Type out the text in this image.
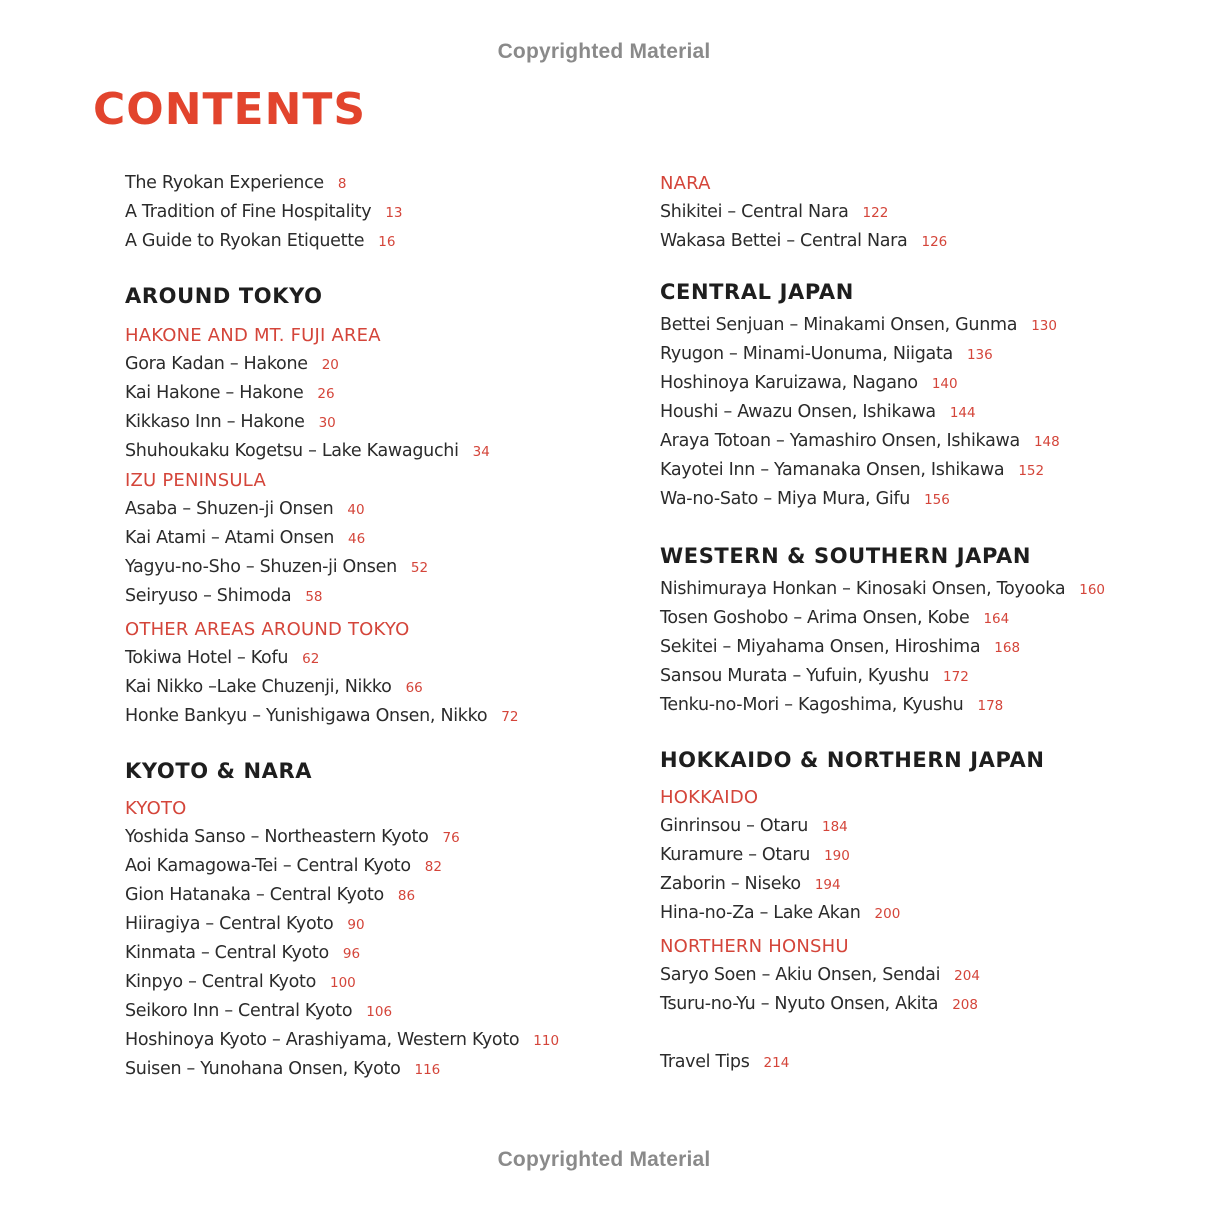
Copyrighted Material
CONTENTS
The Ryokan Experience 8
A Tradition of Fine Hospitality 13
A Guide to Ryokan Etiquette 16
AROUND TOKYO
HAKONE AND MT. FUJI AREA
Gora Kadan – Hakone 20
Kai Hakone – Hakone 26
Kikkaso Inn – Hakone 30
Shuhoukaku Kogetsu – Lake Kawaguchi 34
IZU PENINSULA
Asaba – Shuzen-ji Onsen 40
Kai Atami – Atami Onsen 46
Yagyu-no-Sho – Shuzen-ji Onsen 52
Seiryuso – Shimoda 58
OTHER AREAS AROUND TOKYO
Tokiwa Hotel – Kofu 62
Kai Nikko –Lake Chuzenji, Nikko 66
Honke Bankyu – Yunishigawa Onsen, Nikko 72
KYOTO & NARA
KYOTO
Yoshida Sanso – Northeastern Kyoto 76
Aoi Kamagowa-Tei – Central Kyoto 82
Gion Hatanaka – Central Kyoto 86
Hiiragiya – Central Kyoto 90
Kinmata – Central Kyoto 96
Kinpyo – Central Kyoto 100
Seikoro Inn – Central Kyoto 106
Hoshinoya Kyoto – Arashiyama, Western Kyoto 110
Suisen – Yunohana Onsen, Kyoto 116
NARA
Shikitei – Central Nara 122
Wakasa Bettei – Central Nara 126
CENTRAL JAPAN
Bettei Senjuan – Minakami Onsen, Gunma 130
Ryugon – Minami-Uonuma, Niigata 136
Hoshinoya Karuizawa, Nagano 140
Houshi – Awazu Onsen, Ishikawa 144
Araya Totoan – Yamashiro Onsen, Ishikawa 148
Kayotei Inn – Yamanaka Onsen, Ishikawa 152
Wa-no-Sato – Miya Mura, Gifu 156
WESTERN & SOUTHERN JAPAN
Nishimuraya Honkan – Kinosaki Onsen, Toyooka 160
Tosen Goshobo – Arima Onsen, Kobe 164
Sekitei – Miyahama Onsen, Hiroshima 168
Sansou Murata – Yufuin, Kyushu 172
Tenku-no-Mori – Kagoshima, Kyushu 178
HOKKAIDO & NORTHERN JAPAN
HOKKAIDO
Ginrinsou – Otaru 184
Kuramure – Otaru 190
Zaborin – Niseko 194
Hina-no-Za – Lake Akan 200
NORTHERN HONSHU
Saryo Soen – Akiu Onsen, Sendai 204
Tsuru-no-Yu – Nyuto Onsen, Akita 208
Travel Tips 214
Copyrighted Material
